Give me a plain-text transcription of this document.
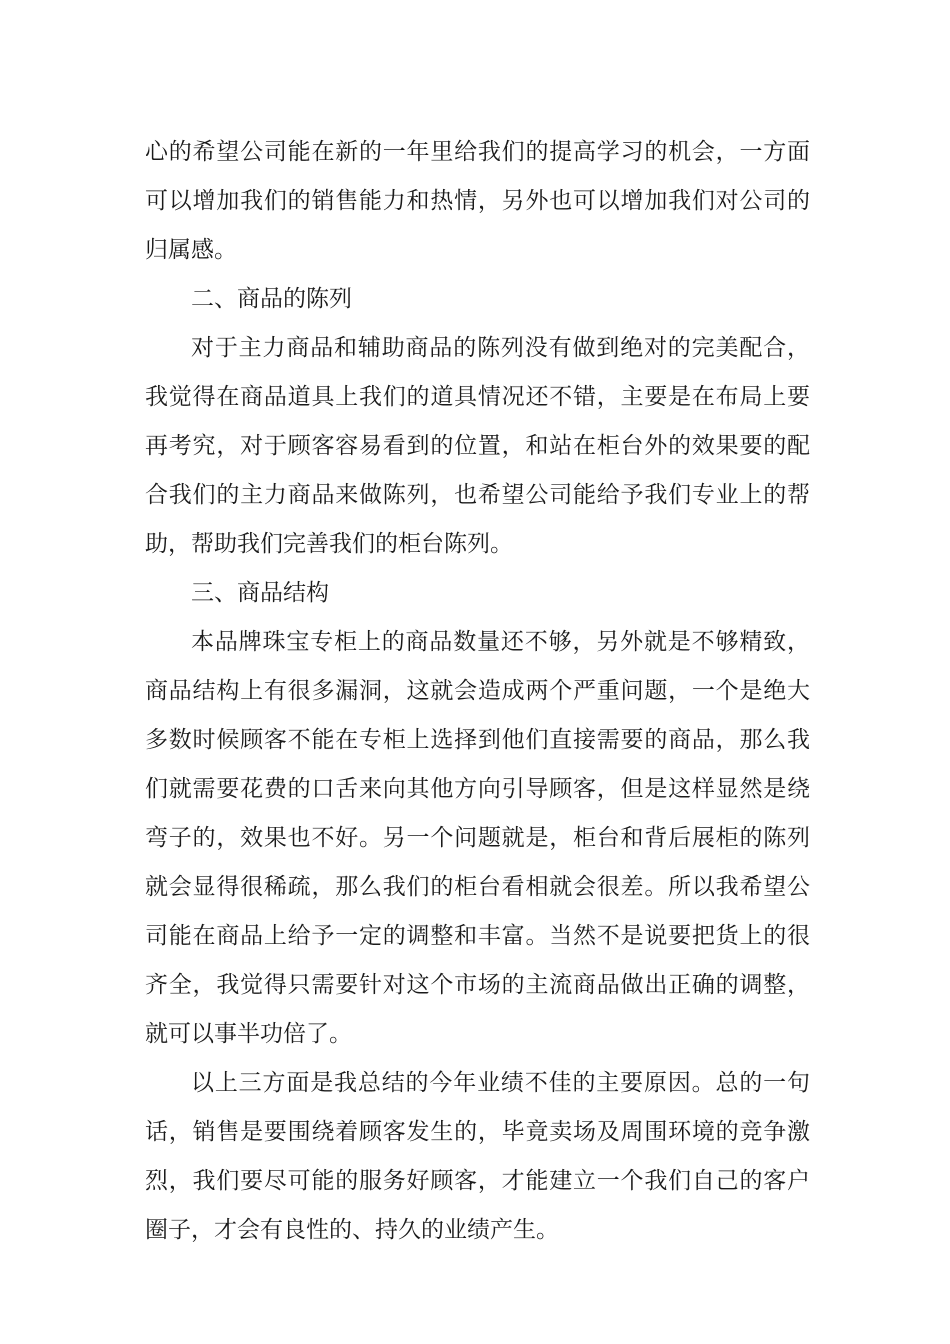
心的希望公司能在新的一年里给我们的提高学习的机会，一方面可以增加我们的销售能力和热情，另外也可以增加我们对公司的归属感。

二、商品的陈列

对于主力商品和辅助商品的陈列没有做到绝对的完美配合，我觉得在商品道具上我们的道具情况还不错，主要是在布局上要再考究，对于顾客容易看到的位置，和站在柜台外的效果要的配合我们的主力商品来做陈列，也希望公司能给予我们专业上的帮助，帮助我们完善我们的柜台陈列。

三、商品结构

本品牌珠宝专柜上的商品数量还不够，另外就是不够精致，商品结构上有很多漏洞，这就会造成两个严重问题，一个是绝大多数时候顾客不能在专柜上选择到他们直接需要的商品，那么我们就需要花费的口舌来向其他方向引导顾客，但是这样显然是绕弯子的，效果也不好。另一个问题就是，柜台和背后展柜的陈列就会显得很稀疏，那么我们的柜台看相就会很差。所以我希望公司能在商品上给予一定的调整和丰富。当然不是说要把货上的很齐全，我觉得只需要针对这个市场的主流商品做出正确的调整，就可以事半功倍了。

以上三方面是我总结的今年业绩不佳的主要原因。总的一句话，销售是要围绕着顾客发生的，毕竟卖场及周围环境的竞争激烈，我们要尽可能的服务好顾客，才能建立一个我们自己的客户圈子，才会有良性的、持久的业绩产生。
